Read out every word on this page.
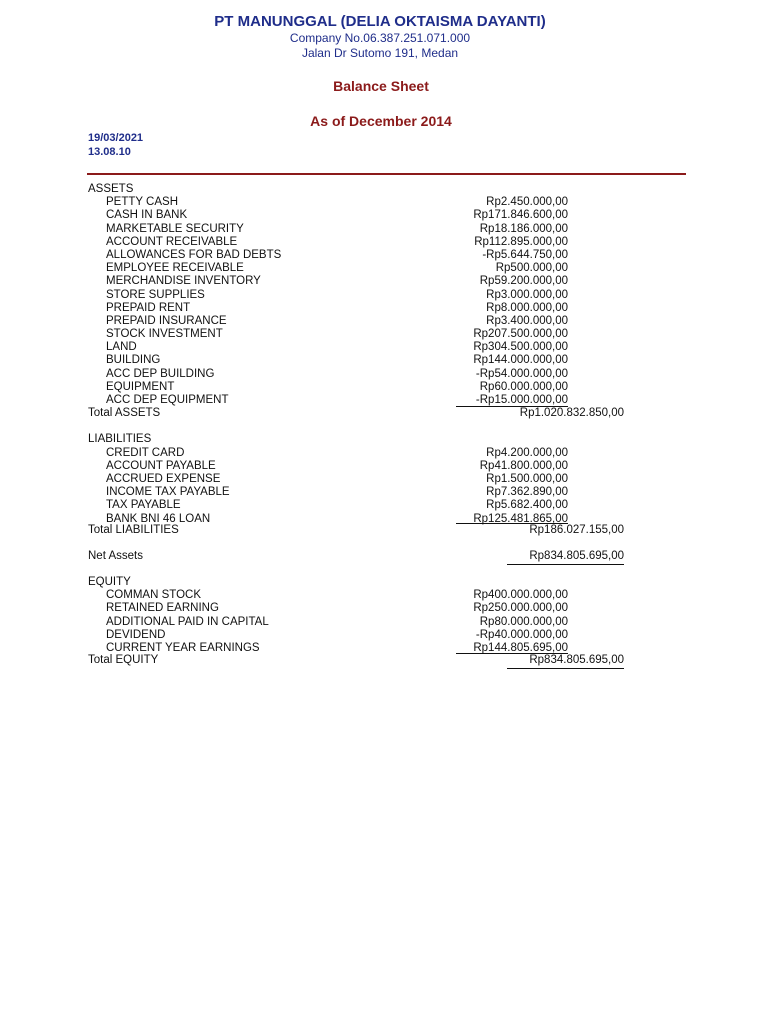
PT MANUNGGAL (DELIA OKTAISMA DAYANTI)
Company No.06.387.251.071.000
Jalan Dr Sutomo 191, Medan
Balance Sheet
As of December 2014
19/03/2021
13.08.10
ASSETS
PETTY CASH	Rp2.450.000,00
CASH IN BANK	Rp171.846.600,00
MARKETABLE SECURITY	Rp18.186.000,00
ACCOUNT RECEIVABLE	Rp112.895.000,00
ALLOWANCES FOR BAD DEBTS	-Rp5.644.750,00
EMPLOYEE RECEIVABLE	Rp500.000,00
MERCHANDISE INVENTORY	Rp59.200.000,00
STORE SUPPLIES	Rp3.000.000,00
PREPAID RENT	Rp8.000.000,00
PREPAID INSURANCE	Rp3.400.000,00
STOCK INVESTMENT	Rp207.500.000,00
LAND	Rp304.500.000,00
BUILDING	Rp144.000.000,00
ACC DEP BUILDING	-Rp54.000.000,00
EQUIPMENT	Rp60.000.000,00
ACC DEP EQUIPMENT	-Rp15.000.000,00
Total ASSETS	Rp1.020.832.850,00
LIABILITIES
CREDIT CARD	Rp4.200.000,00
ACCOUNT PAYABLE	Rp41.800.000,00
ACCRUED EXPENSE	Rp1.500.000,00
INCOME TAX PAYABLE	Rp7.362.890,00
TAX PAYABLE	Rp5.682.400,00
BANK BNI 46 LOAN	Rp125.481.865,00
Total LIABILITIES	Rp186.027.155,00
Net Assets	Rp834.805.695,00
EQUITY
COMMAN STOCK	Rp400.000.000,00
RETAINED EARNING	Rp250.000.000,00
ADDITIONAL PAID IN CAPITAL	Rp80.000.000,00
DEVIDEND	-Rp40.000.000,00
CURRENT YEAR EARNINGS	Rp144.805.695,00
Total EQUITY	Rp834.805.695,00
